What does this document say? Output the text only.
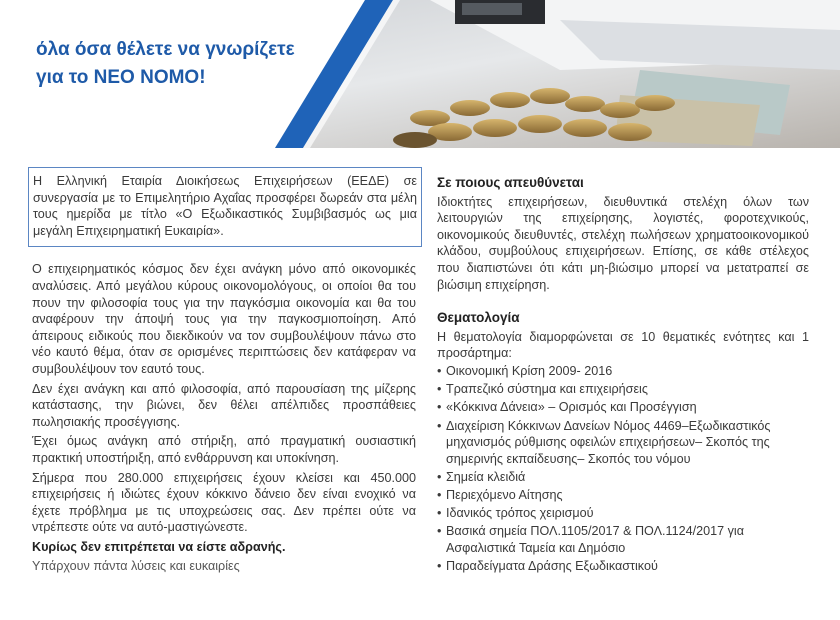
όλα όσα θέλετε να γνωρίζετε
για το ΝΕΟ ΝΟΜΟ!
Η Ελληνική Εταιρία Διοικήσεως Επιχειρήσεων (ΕΕΔΕ) σε συνεργασία με το Επιμελητήριο Αχαΐας προσφέρει δωρεάν στα μέλη τους ημερίδα με τίτλο «Ο Εξωδικαστικός Συμβιβασμός ως μια μεγάλη Επιχειρηματική Ευκαιρία».

Ο επιχειρηματικός κόσμος δεν έχει ανάγκη μόνο από οικονομικές αναλύσεις. Από μεγάλου κύρους οικονομολόγους, οι οποίοι θα του πουν την φιλοσοφία τους για την παγκόσμια οικονομία και θα του αναφέρουν την άποψή τους για την παγκοσμιοποίηση. Από άπειρους ειδικούς που διεκδικούν να τον συμβουλέψουν πάνω στο νέο καυτό θέμα, όταν σε ορισμένες περιπτώσεις δεν κατάφεραν να συμβουλέψουν τον εαυτό τους.

Δεν έχει ανάγκη και από φιλοσοφία, από παρουσίαση της μίζερης κατάστασης, την βιώνει, δεν θέλει απέλπιδες προσπάθειες πωλησιακής προσέγγισης.

Έχει όμως ανάγκη από στήριξη, από πραγματική ουσιαστική πρακτική υποστήριξη, από ενθάρρυνση και υποκίνηση.

Σήμερα που 280.000 επιχειρήσεις έχουν κλείσει και 450.000 επιχειρήσεις ή ιδιώτες έχουν κόκκινο δάνειο δεν είναι ενοχικό να έχετε πρόβλημα με τις υποχρεώσεις σας. Δεν πρέπει ούτε να ντρέπεστε ούτε να αυτό-μαστιγώνεστε.

Κυρίως δεν επιτρέπεται να είστε αδρανής.

Υπάρχουν πάντα λύσεις και ευκαιρίες

Σε ποιους απευθύνεται

Ιδιοκτήτες επιχειρήσεων, διευθυντικά στελέχη όλων των λειτουργιών της επιχείρησης, λογιστές, φοροτεχνικούς, οικονομικούς διευθυντές, στελέχη πωλήσεων χρηματοοικονομικού κλάδου, συμβούλους επιχειρήσεων. Επίσης, σε κάθε στέλεχος που διαπιστώνει ότι κάτι μη-βιώσιμο μπορεί να μετατραπεί σε βιώσιμη επιχείρηση.

Θεματολογία

Η θεματολογία διαμορφώνεται σε 10 θεματικές ενότητες και 1 προσάρτημα:

• Οικονομική Κρίση 2009- 2016
• Τραπεζικό σύστημα και επιχειρήσεις
• «Κόκκινα Δάνεια» – Ορισμός και Προσέγγιση
• Διαχείριση Κόκκινων Δανείων Νόμος 4469–Εξωδικαστικός μηχανισμός ρύθμισης οφειλών επιχειρήσεων– Σκοπός της σημερινής εκπαίδευσης– Σκοπός του νόμου
• Σημεία κλειδιά
• Περιεχόμενο Αίτησης
• Ιδανικός τρόπος χειρισμού
• Βασικά σημεία ΠΟΛ.1105/2017 & ΠΟΛ.1124/2017 για Ασφαλιστικά Ταμεία και Δημόσιο
• Παραδείγματα Δράσης Εξωδικαστικού
